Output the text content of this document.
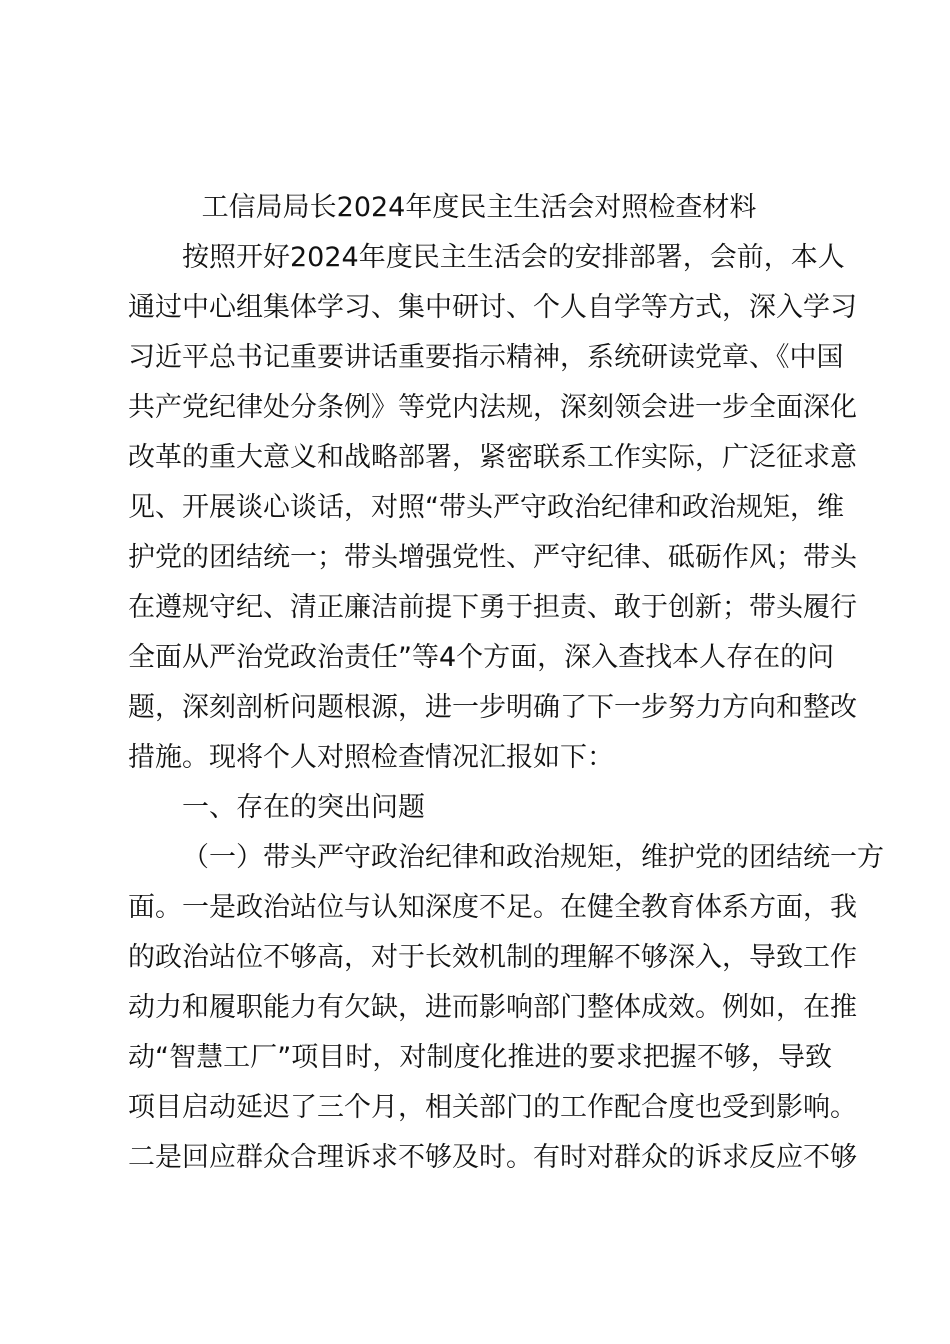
工信局局长2024年度民主生活会对照检查材料
按照开好2024年度民主生活会的安排部署，会前，本人
通过中心组集体学习、集中研讨、个人自学等方式，深入学习
习近平总书记重要讲话重要指示精神，系统研读党章、《中国
共产党纪律处分条例》等党内法规，深刻领会进一步全面深化
改革的重大意义和战略部署，紧密联系工作实际，广泛征求意
见、开展谈心谈话，对照“带头严守政治纪律和政治规矩，维
护党的团结统一；带头增强党性、严守纪律、砥砺作风；带头
在遵规守纪、清正廉洁前提下勇于担责、敢于创新；带头履行
全面从严治党政治责任”等4个方面，深入查找本人存在的问
题，深刻剖析问题根源，进一步明确了下一步努力方向和整改
措施。现将个人对照检查情况汇报如下：
一、存在的突出问题
（一）带头严守政治纪律和政治规矩，维护党的团结统一方
面。一是政治站位与认知深度不足。在健全教育体系方面，我
的政治站位不够高，对于长效机制的理解不够深入，导致工作
动力和履职能力有欠缺，进而影响部门整体成效。例如，在推
动“智慧工厂”项目时，对制度化推进的要求把握不够，导致
项目启动延迟了三个月，相关部门的工作配合度也受到影响。
二是回应群众合理诉求不够及时。有时对群众的诉求反应不够
